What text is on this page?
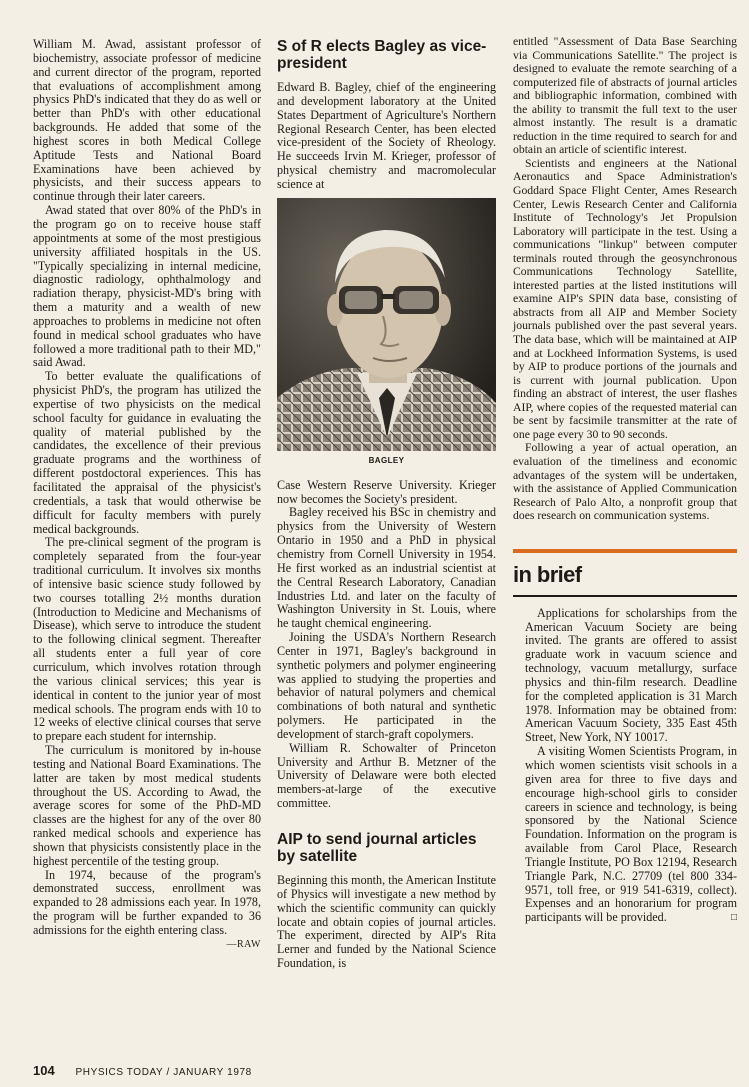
William M. Awad, assistant professor of biochemistry, associate professor of medicine and current director of the program, reported that evaluations of accomplishment among physics PhD's indicated that they do as well or better than PhD's with other educational backgrounds. He added that some of the highest scores in both Medical College Aptitude Tests and National Board Examinations have been achieved by physicists, and their success appears to continue through their later careers.

Awad stated that over 80% of the PhD's in the program go on to receive house staff appointments at some of the most prestigious university affiliated hospitals in the US. "Typically specializing in internal medicine, diagnostic radiology, ophthalmology and radiation therapy, physicist-MD's bring with them a maturity and a wealth of new approaches to problems in medicine not often found in medical school graduates who have followed a more traditional path to their MD," said Awad.

To better evaluate the qualifications of physicist PhD's, the program has utilized the expertise of two physicists on the medical school faculty for guidance in evaluating the quality of material published by the candidates, the excellence of their previous graduate programs and the worthiness of different postdoctoral experiences. This has facilitated the appraisal of the physicist's credentials, a task that would otherwise be difficult for faculty members with purely medical backgrounds.

The pre-clinical segment of the program is completely separated from the four-year traditional curriculum. It involves six months of intensive basic science study followed by two courses totalling 2½ months duration (Introduction to Medicine and Mechanisms of Disease), which serve to introduce the student to the following clinical segment. Thereafter all students enter a full year of core curriculum, which involves rotation through the various clinical services; this year is identical in content to the junior year of most medical schools. The program ends with 10 to 12 weeks of elective clinical courses that serve to prepare each student for internship.

The curriculum is monitored by in-house testing and National Board Examinations. The latter are taken by most medical students throughout the US. According to Awad, the average scores for some of the PhD-MD classes are the highest for any of the over 80 ranked medical schools and experience has shown that physicists consistently place in the highest percentile of the testing group.

In 1974, because of the program's demonstrated success, enrollment was expanded to 28 admissions each year. In 1978, the program will be further expanded to 36 admissions for the eighth entering class.
—RAW

S of R elects Bagley as vice-president

Edward B. Bagley, chief of the engineering and development laboratory at the United States Department of Agriculture's Northern Regional Research Center, has been elected vice-president of the Society of Rheology. He succeeds Irvin M. Krieger, professor of physical chemistry and macromolecular science at

BAGLEY

Case Western Reserve University. Krieger now becomes the Society's president.

Bagley received his BSc in chemistry and physics from the University of Western Ontario in 1950 and a PhD in physical chemistry from Cornell University in 1954. He first worked as an industrial scientist at the Central Research Laboratory, Canadian Industries Ltd. and later on the faculty of Washington University in St. Louis, where he taught chemical engineering.

Joining the USDA's Northern Research Center in 1971, Bagley's background in synthetic polymers and polymer engineering was applied to studying the properties and behavior of natural polymers and chemical combinations of both natural and synthetic polymers. He participated in the development of starch-graft copolymers.

William R. Schowalter of Princeton University and Arthur B. Metzner of the University of Delaware were both elected members-at-large of the executive committee.

AIP to send journal articles by satellite

Beginning this month, the American Institute of Physics will investigate a new method by which the scientific community can quickly locate and obtain copies of journal articles. The experiment, directed by AIP's Rita Lerner and funded by the National Science Foundation, is

entitled "Assessment of Data Base Searching via Communications Satellite." The project is designed to evaluate the remote searching of a computerized file of abstracts of journal articles and bibliographic information, combined with the ability to transmit the full text to the user almost instantly. The result is a dramatic reduction in the time required to search for and obtain an article of scientific interest.

Scientists and engineers at the National Aeronautics and Space Administration's Goddard Space Flight Center, Ames Research Center, Lewis Research Center and California Institute of Technology's Jet Propulsion Laboratory will participate in the test. Using a communications "linkup" between computer terminals routed through the geosynchronous Communications Technology Satellite, interested parties at the listed institutions will examine AIP's SPIN data base, consisting of abstracts from all AIP and Member Society journals published over the past several years. The data base, which will be maintained at AIP and at Lockheed Information Systems, is used by AIP to produce portions of the journals and is current with journal publication. Upon finding an abstract of interest, the user flashes AIP, where copies of the requested material can be sent by facsimile transmitter at the rate of one page every 30 to 90 seconds.

Following a year of actual operation, an evaluation of the timeliness and economic advantages of the system will be undertaken, with the assistance of Applied Communication Research of Palo Alto, a nonprofit group that does research on communication systems.

in brief

Applications for scholarships from the American Vacuum Society are being invited. The grants are offered to assist graduate work in vacuum science and technology, vacuum metallurgy, surface physics and thin-film research. Deadline for the completed application is 31 March 1978. Information may be obtained from: American Vacuum Society, 335 East 45th Street, New York, NY 10017.

A visiting Women Scientists Program, in which women scientists visit schools in a given area for three to five days and encourage high-school girls to consider careers in science and technology, is being sponsored by the National Science Foundation. Information on the program is available from Carol Place, Research Triangle Institute, PO Box 12194, Research Triangle Park, N.C. 27709 (tel 800 334-9571, toll free, or 919 541-6319, collect). Expenses and an honorarium for program participants will be provided.	□

104 PHYSICS TODAY / JANUARY 1978
